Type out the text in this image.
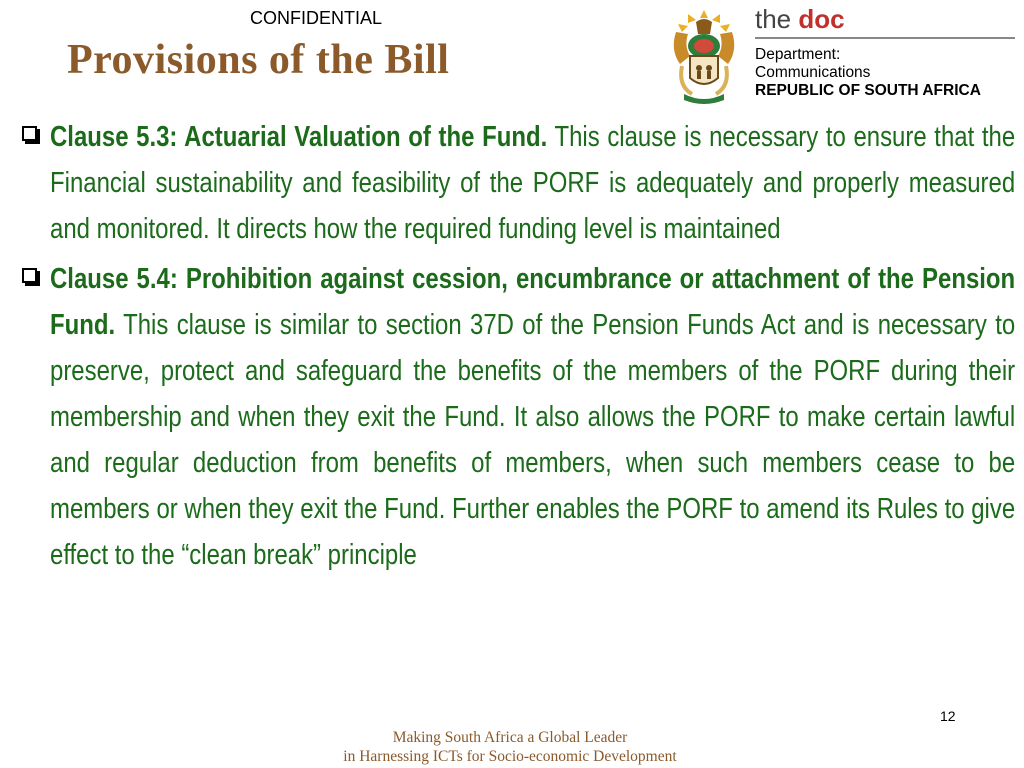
CONFIDENTIAL
Provisions of the Bill
the doc
Department:
Communications
REPUBLIC OF SOUTH AFRICA
Clause 5.3: Actuarial Valuation of the Fund. This clause is necessary to ensure that the Financial sustainability and feasibility of the PORF is adequately and properly measured and monitored. It directs how the required funding level is maintained
Clause 5.4: Prohibition against cession, encumbrance or attachment of the Pension Fund. This clause is similar to section 37D of the Pension Funds Act and is necessary to preserve, protect and safeguard the benefits of the members of the PORF during their membership and when they exit the Fund. It also allows the PORF to make certain lawful and regular deduction from benefits of members, when such members cease to be members or when they exit the Fund. Further enables the PORF to amend its Rules to give effect to the “clean break” principle
12
Making South Africa a Global Leader
in Harnessing ICTs for Socio-economic Development
